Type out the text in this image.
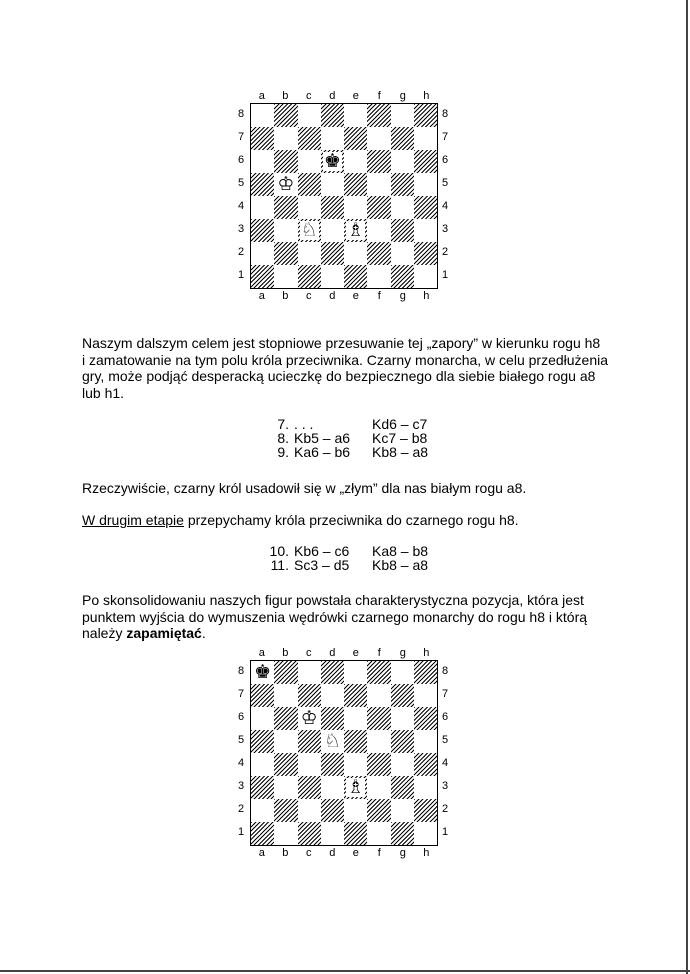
a	b	c	d	e	f	g	h
8
7
6
5
4
3
2
1
♚
♔
♘ ♗
8
7
6
5
4
3
2
1
a	b	c	d	e	f	g	h
Naszym dalszym celem jest stopniowe przesuwanie tej „zapory” w kierunku rogu h8
i zamatowanie na tym polu króla przeciwnika. Czarny monarcha, w celu przedłużenia
gry, może podjąć desperacką ucieczkę do bezpiecznego dla siebie białego rogu a8
lub h1.
7. . . .	Kd6 – c7
8. Kb5 – a6	Kc7 – b8
9. Ka6 – b6	Kb8 – a8
Rzeczywiście, czarny król usadowił się w „złym” dla nas białym rogu a8.
W drugim etapie przepychamy króla przeciwnika do czarnego rogu h8.
10. Kb6 – c6	Ka8 – b8
11. Sc3 – d5	Kb8 – a8
Po skonsolidowaniu naszych figur powstała charakterystyczna pozycja, która jest
punktem wyjścia do wymuszenia wędrówki czarnego monarchy do rogu h8 i którą
należy zapamiętać.
a	b	c	d	e	f	g	h
8
7
6
5
4
3
2
1
♚
♔
♘
♗
8
7
6
5
4
3
2
1
a	b	c	d	e	f	g	h
